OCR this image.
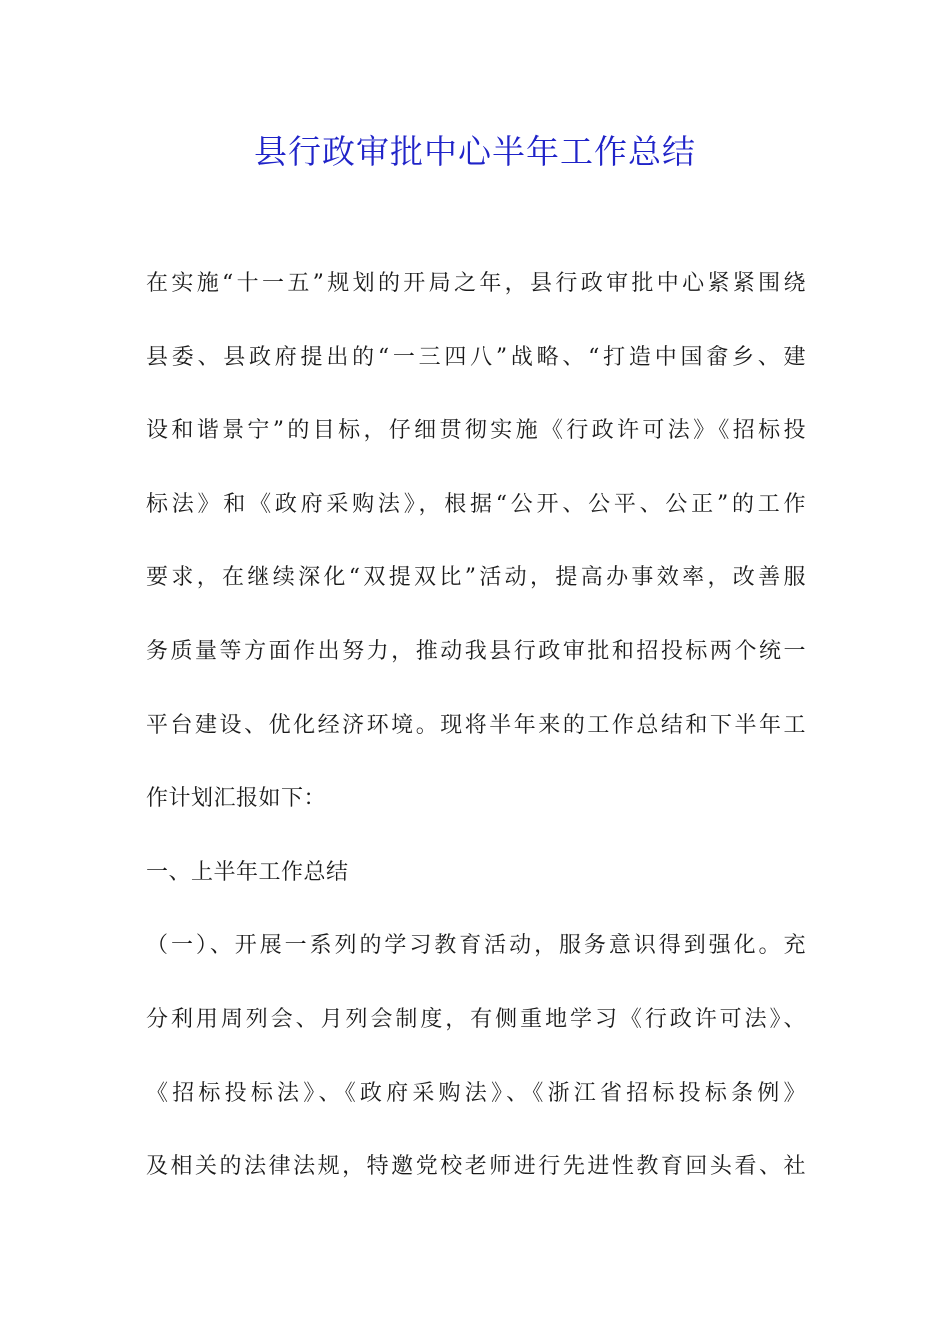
县行政审批中心半年工作总结
在实施“十一五”规划的开局之年，县行政审批中心紧紧围绕
县委、县政府提出的“一三四八”战略、“打造中国畲乡、建
设和谐景宁”的目标，仔细贯彻实施《行政许可法》《招标投
标法》和《政府采购法》，根据“公开、公平、公正”的工作
要求，在继续深化“双提双比”活动，提高办事效率，改善服
务质量等方面作出努力，推动我县行政审批和招投标两个统一
平台建设、优化经济环境。现将半年来的工作总结和下半年工
作计划汇报如下：
一、上半年工作总结
（一）、开展一系列的学习教育活动，服务意识得到强化。充
分利用周列会、月列会制度，有侧重地学习《行政许可法》、
《招标投标法》、《政府采购法》、《浙江省招标投标条例》
及相关的法律法规，特邀党校老师进行先进性教育回头看、社
